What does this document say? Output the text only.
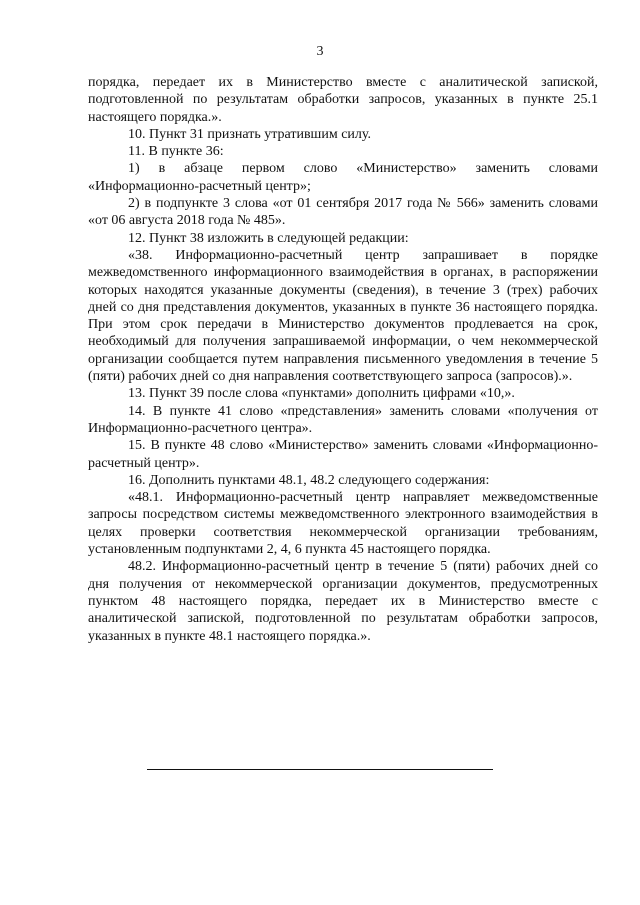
3

порядка, передает их в Министерство вместе с аналитической запиской, подготовленной по результатам обработки запросов, указанных в пункте 25.1 настоящего порядка.».

10. Пункт 31 признать утратившим силу.

11. В пункте 36:

1) в абзаце первом слово «Министерство» заменить словами «Информационно-расчетный центр»;

2) в подпункте 3 слова «от 01 сентября 2017 года № 566» заменить словами «от 06 августа 2018 года № 485».

12. Пункт 38 изложить в следующей редакции:

«38. Информационно-расчетный центр запрашивает в порядке межведомственного информационного взаимодействия в органах, в распоряжении которых находятся указанные документы (сведения), в течение 3 (трех) рабочих дней со дня представления документов, указанных в пункте 36 настоящего порядка. При этом срок передачи в Министерство документов продлевается на срок, необходимый для получения запрашиваемой информации, о чем некоммерческой организации сообщается путем направления письменного уведомления в течение 5 (пяти) рабочих дней со дня направления соответствующего запроса (запросов).».

13. Пункт 39 после слова «пунктами» дополнить цифрами «10,».

14. В пункте 41 слово «представления» заменить словами «получения от Информационно-расчетного центра».

15. В пункте 48 слово «Министерство» заменить словами «Информационно-расчетный центр».

16. Дополнить пунктами 48.1, 48.2 следующего содержания:

«48.1. Информационно-расчетный центр направляет межведомственные запросы посредством системы межведомственного электронного взаимодействия в целях проверки соответствия некоммерческой организации требованиям, установленным подпунктами 2, 4, 6 пункта 45 настоящего порядка.

48.2. Информационно-расчетный центр в течение 5 (пяти) рабочих дней со дня получения от некоммерческой организации документов, предусмотренных пунктом 48 настоящего порядка, передает их в Министерство вместе с аналитической запиской, подготовленной по результатам обработки запросов, указанных в пункте 48.1 настоящего порядка.».
